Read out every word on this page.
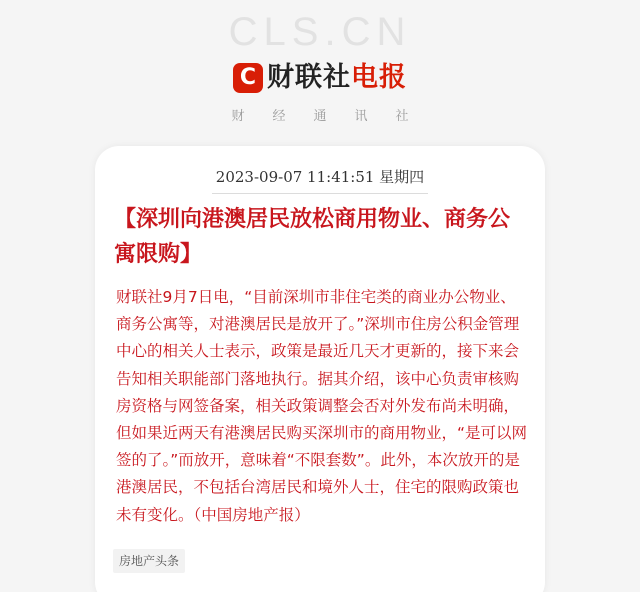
CLS.CN
C 财联社电报
财经通讯社
2023-09-07 11:41:51 星期四
【深圳向港澳居民放松商用物业、商务公寓限购】
财联社9月7日电，“目前深圳市非住宅类的商业办公物业、商务公寓等，对港澳居民是放开了。”深圳市住房公积金管理中心的相关人士表示，政策是最近几天才更新的，接下来会告知相关职能部门落地执行。据其介绍，该中心负责审核购房资格与网签备案，相关政策调整会否对外发布尚未明确，但如果近两天有港澳居民购买深圳市的商用物业，“是可以网签的了。”而放开，意味着“不限套数”。此外，本次放开的是港澳居民，不包括台湾居民和境外人士，住宅的限购政策也未有变化。（中国房地产报）
房地产头条
